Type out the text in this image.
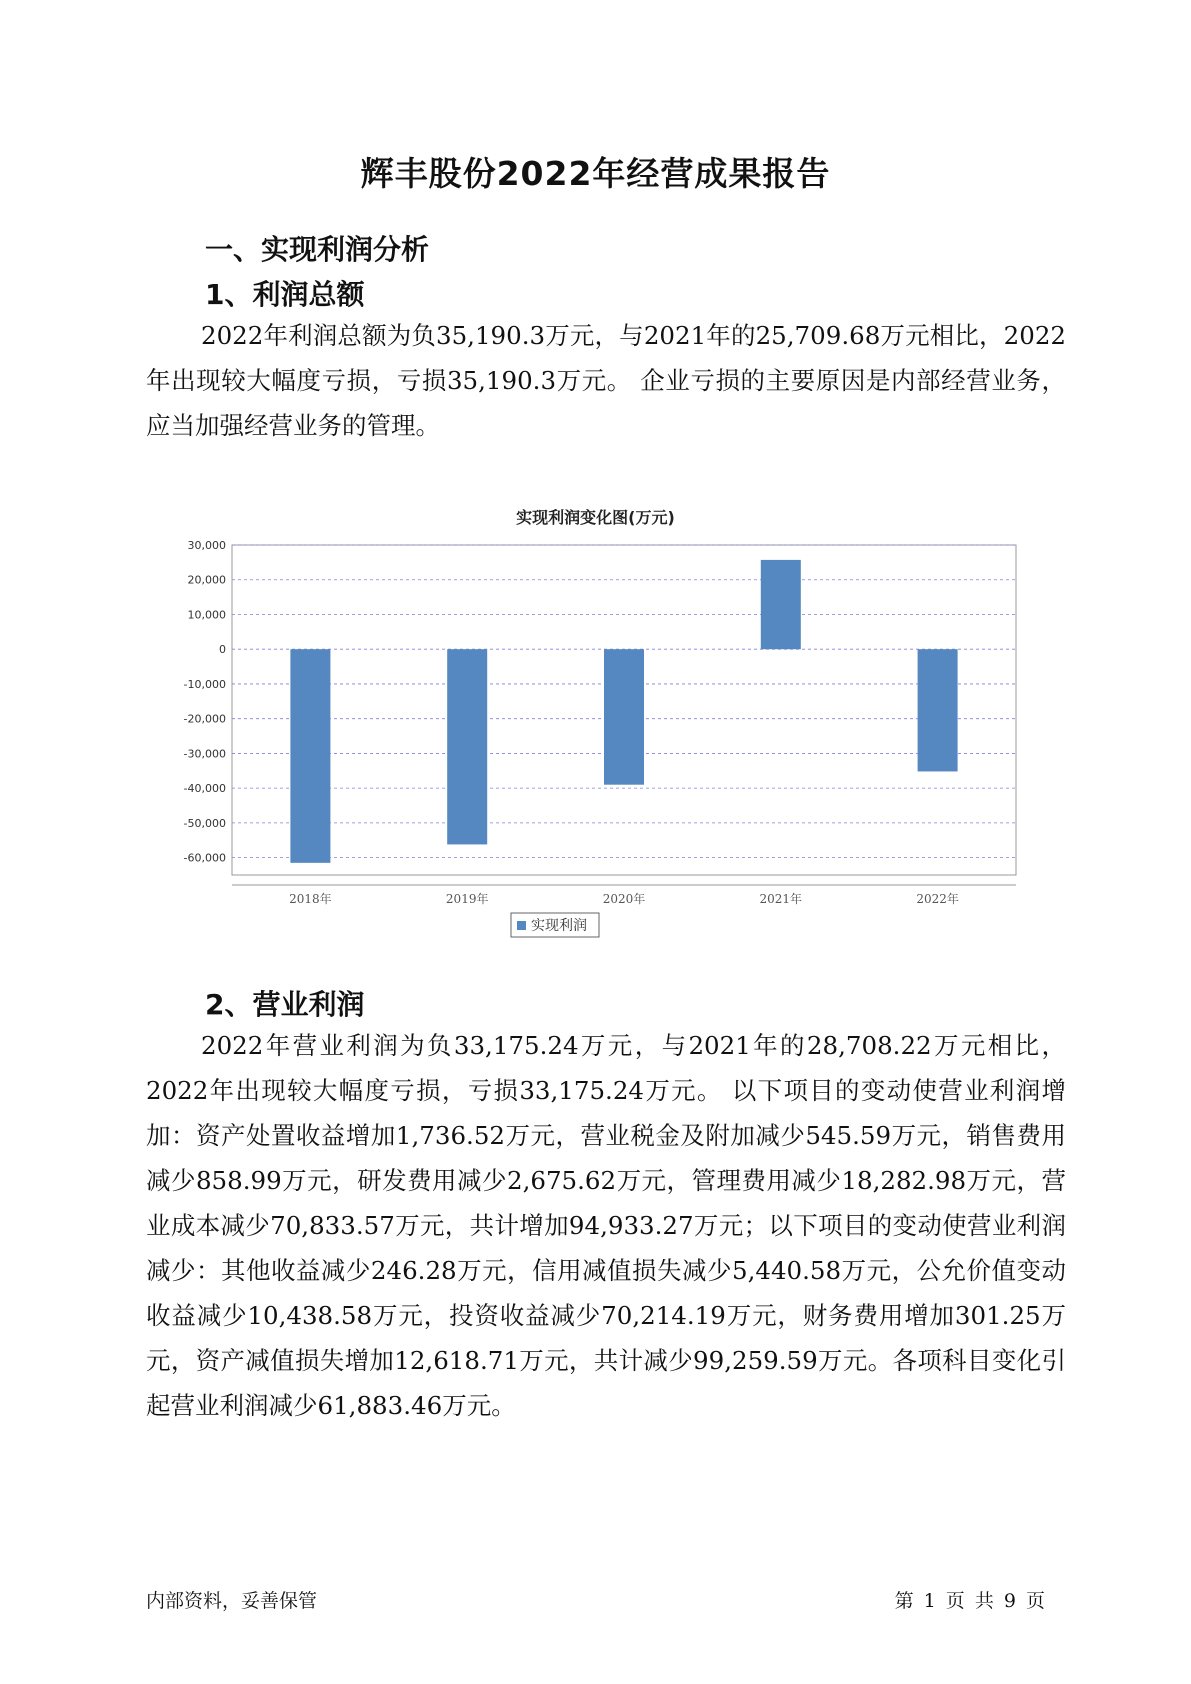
辉丰股份2022年经营成果报告
一、实现利润分析
1、利润总额

2022年利润总额为负35,190.3万元，与2021年的25,709.68万元相比，2022年出现较大幅度亏损，亏损35,190.3万元。 企业亏损的主要原因是内部经营业务，应当加强经营业务的管理。

实现利润变化图(万元)
30,000
20,000
10,000
0
-10,000
-20,000
-30,000
-40,000
-50,000
-60,000
2018年	2019年	2020年	2021年	2022年
实现利润
2、营业利润

2022年营业利润为负33,175.24万元，与2021年的28,708.22万元相比，2022年出现较大幅度亏损，亏损33,175.24万元。 以下项目的变动使营业利润增加：资产处置收益增加1,736.52万元，营业税金及附加减少545.59万元，销售费用减少858.99万元，研发费用减少2,675.62万元，管理费用减少18,282.98万元，营业成本减少70,833.57万元，共计增加94,933.27万元；以下项目的变动使营业利润减少：其他收益减少246.28万元，信用减值损失减少5,440.58万元，公允价值变动收益减少10,438.58万元，投资收益减少70,214.19万元，财务费用增加301.25万元，资产减值损失增加12,618.71万元，共计减少99,259.59万元。各项科目变化引起营业利润减少61,883.46万元。

内部资料，妥善保管	第 1 页 共 9 页
